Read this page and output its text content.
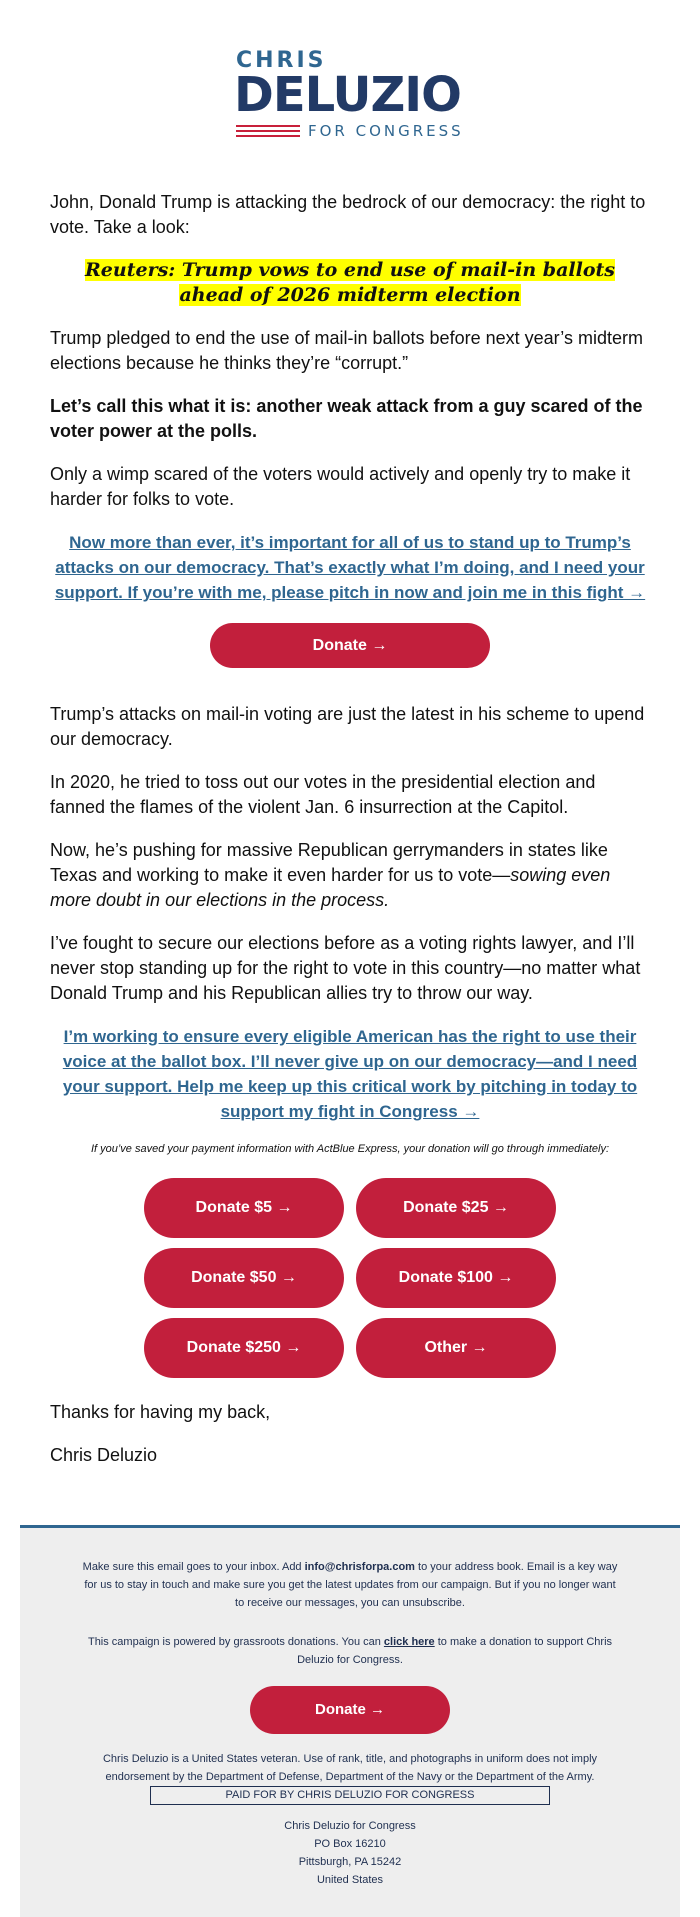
CHRIS
DELUZIO
FOR CONGRESS

John, Donald Trump is attacking the bedrock of our democracy: the right to vote. Take a look:

Reuters: Trump vows to end use of mail-in ballots ahead of 2026 midterm election

Trump pledged to end the use of mail-in ballots before next year’s midterm elections because he thinks they’re “corrupt.”

Let’s call this what it is: another weak attack from a guy scared of the voter power at the polls.

Only a wimp scared of the voters would actively and openly try to make it harder for folks to vote.

Now more than ever, it’s important for all of us to stand up to Trump’s attacks on our democracy. That’s exactly what I’m doing, and I need your support. If you’re with me, please pitch in now and join me in this fight →
Donate →

Trump’s attacks on mail-in voting are just the latest in his scheme to upend our democracy.

In 2020, he tried to toss out our votes in the presidential election and fanned the flames of the violent Jan. 6 insurrection at the Capitol.

Now, he’s pushing for massive Republican gerrymanders in states like Texas and working to make it even harder for us to vote—sowing even more doubt in our elections in the process.

I’ve fought to secure our elections before as a voting rights lawyer, and I’ll never stop standing up for the right to vote in this country—no matter what Donald Trump and his Republican allies try to throw our way.

I’m working to ensure every eligible American has the right to use their voice at the ballot box. I’ll never give up on our democracy—and I need your support. Help me keep up this critical work by pitching in today to support my fight in Congress →

If you’ve saved your payment information with ActBlue Express, your donation will go through immediately:

Donate $5 →	Donate $25 →
Donate $50 →	Donate $100 →
Donate $250 →	Other →

Thanks for having my back,

Chris Deluzio

Make sure this email goes to your inbox. Add info@chrisforpa.com to your address book. Email is a key way for us to stay in touch and make sure you get the latest updates from our campaign. But if you no longer want to receive our messages, you can unsubscribe.
This campaign is powered by grassroots donations. You can click here to make a donation to support Chris Deluzio for Congress.
Donate →
Chris Deluzio is a United States veteran. Use of rank, title, and photographs in uniform does not imply endorsement by the Department of Defense, Department of the Navy or the Department of the Army.
PAID FOR BY CHRIS DELUZIO FOR CONGRESS
Chris Deluzio for Congress
PO Box 16210
Pittsburgh, PA 15242
United States
